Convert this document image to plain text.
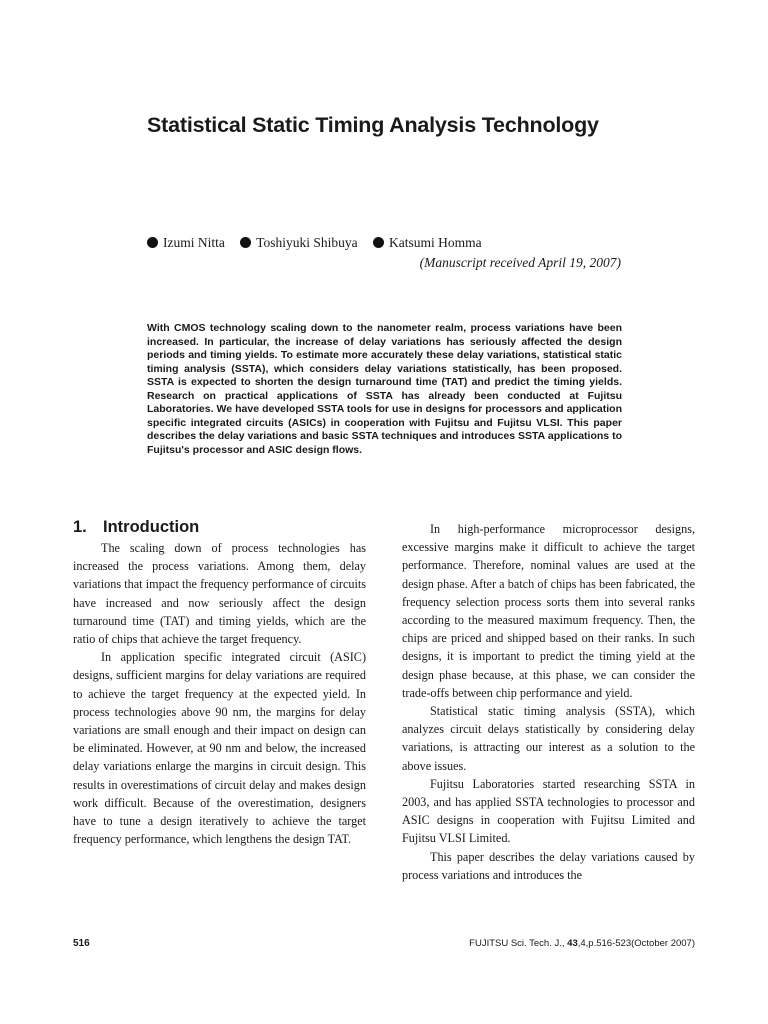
Statistical Static Timing Analysis Technology
Izumi Nitta Toshiyuki Shibuya Katsumi Homma
(Manuscript received April 19, 2007)

With CMOS technology scaling down to the nanometer realm, process variations have been increased. In particular, the increase of delay variations has seriously affected the design periods and timing yields. To estimate more accurately these delay variations, statistical static timing analysis (SSTA), which considers delay variations statistically, has been proposed. SSTA is expected to shorten the design turnaround time (TAT) and predict the timing yields. Research on practical applications of SSTA has already been conducted at Fujitsu Laboratories. We have developed SSTA tools for use in designs for processors and application specific integrated circuits (ASICs) in cooperation with Fujitsu and Fujitsu VLSI. This paper describes the delay variations and basic SSTA techniques and introduces SSTA applications to Fujitsu's processor and ASIC design flows.

1. Introduction

The scaling down of process technologies has increased the process variations. Among them, delay variations that impact the frequency performance of circuits have increased and now seriously affect the design turnaround time (TAT) and timing yields, which are the ratio of chips that achieve the target frequency.

In application specific integrated circuit (ASIC) designs, sufficient margins for delay variations are required to achieve the target frequency at the expected yield. In process technologies above 90 nm, the margins for delay variations are small enough and their impact on design can be eliminated. However, at 90 nm and below, the increased delay variations enlarge the margins in circuit design. This results in overestimations of circuit delay and makes design work difficult. Because of the overestimation, designers have to tune a design iteratively to achieve the target frequency performance, which lengthens the design TAT.

In high-performance microprocessor designs, excessive margins make it difficult to achieve the target performance. Therefore, nominal values are used at the design phase. After a batch of chips has been fabricated, the frequency selection process sorts them into several ranks according to the measured maximum frequency. Then, the chips are priced and shipped based on their ranks. In such designs, it is important to predict the timing yield at the design phase because, at this phase, we can consider the trade-offs between chip performance and yield.

Statistical static timing analysis (SSTA), which analyzes circuit delays statistically by considering delay variations, is attracting our interest as a solution to the above issues.

Fujitsu Laboratories started researching SSTA in 2003, and has applied SSTA technologies to processor and ASIC designs in cooperation with Fujitsu Limited and Fujitsu VLSI Limited.

This paper describes the delay variations caused by process variations and introduces the

516	FUJITSU Sci. Tech. J., 43,4,p.516-523(October 2007)
